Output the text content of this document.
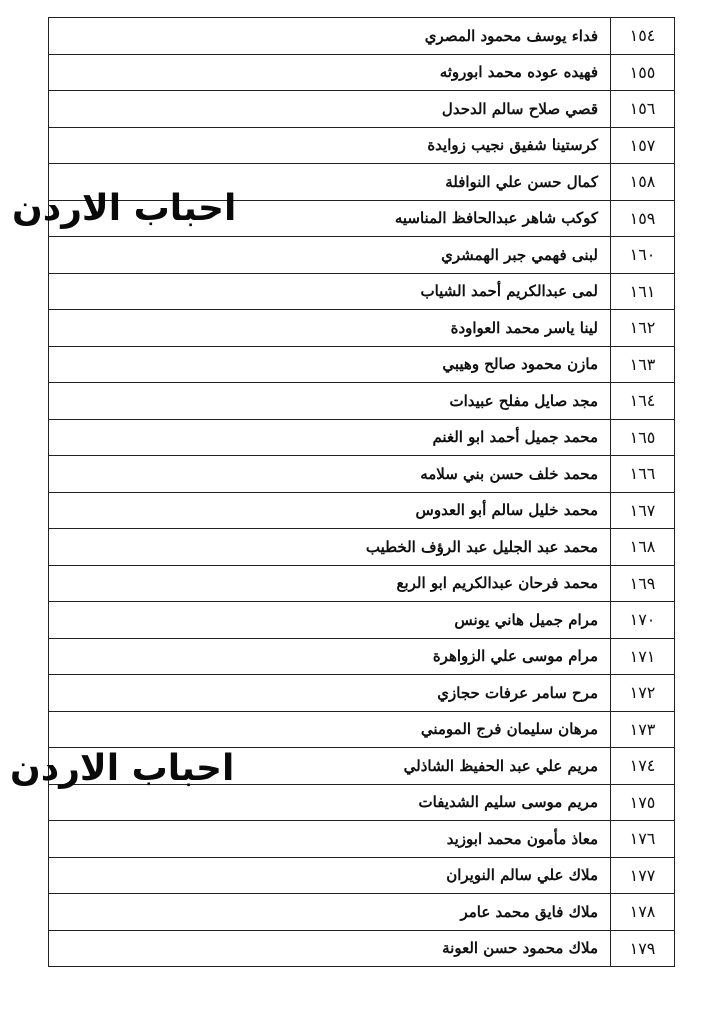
١٥٤	فداء يوسف محمود المصري
١٥٥	فهيده عوده محمد ابوروثه
١٥٦	قصي صلاح سالم الدحدل
١٥٧	كرستينا شفيق نجيب زوايدة
١٥٨	كمال حسن علي النوافلة
١٥٩	كوكب شاهر عبدالحافظ المناسيه
١٦٠	لبنى فهمي جبر الهمشري
١٦١	لمى عبدالكريم أحمد الشياب
١٦٢	لينا ياسر محمد العواودة
١٦٣	مازن محمود صالح وهيبي
١٦٤	مجد صايل مفلح عبيدات
١٦٥	محمد جميل أحمد ابو الغنم
١٦٦	محمد خلف حسن بني سلامه
١٦٧	محمد خليل سالم أبو العدوس
١٦٨	محمد عبد الجليل عبد الرؤف الخطيب
١٦٩	محمد فرحان عبدالكريم ابو الربع
١٧٠	مرام جميل هاني يونس
١٧١	مرام موسى علي الزواهرة
١٧٢	مرح سامر عرفات حجازي
١٧٣	مرهان سليمان فرج المومني
١٧٤	مريم علي عبد الحفيظ الشاذلي
١٧٥	مريم موسى سليم الشديفات
١٧٦	معاذ مأمون محمد ابوزيد
١٧٧	ملاك علي سالم النويران
١٧٨	ملاك فايق محمد عامر
١٧٩	ملاك محمود حسن العونة
احباب الاردن
احباب الاردن
